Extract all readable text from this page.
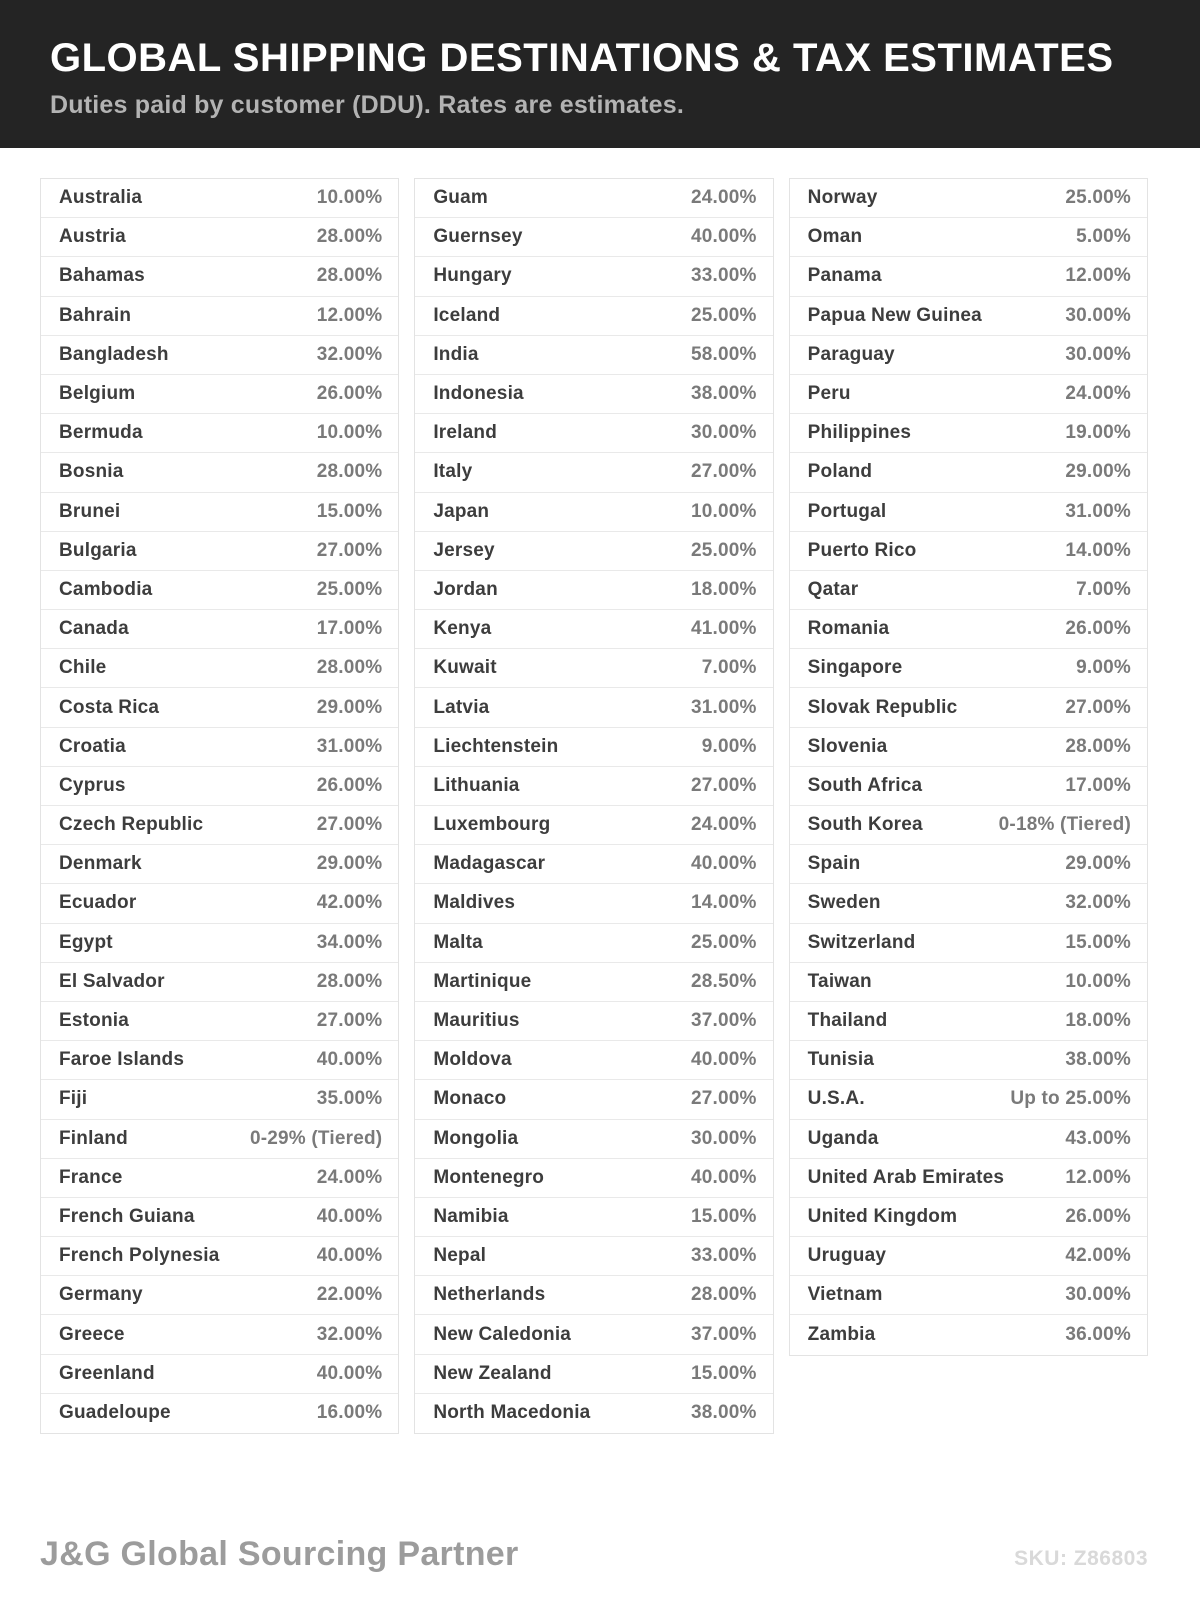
GLOBAL SHIPPING DESTINATIONS & TAX ESTIMATES
Duties paid by customer (DDU). Rates are estimates.
Australia	10.00%
Austria	28.00%
Bahamas	28.00%
Bahrain	12.00%
Bangladesh	32.00%
Belgium	26.00%
Bermuda	10.00%
Bosnia	28.00%
Brunei	15.00%
Bulgaria	27.00%
Cambodia	25.00%
Canada	17.00%
Chile	28.00%
Costa Rica	29.00%
Croatia	31.00%
Cyprus	26.00%
Czech Republic	27.00%
Denmark	29.00%
Ecuador	42.00%
Egypt	34.00%
El Salvador	28.00%
Estonia	27.00%
Faroe Islands	40.00%
Fiji	35.00%
Finland	0-29% (Tiered)
France	24.00%
French Guiana	40.00%
French Polynesia	40.00%
Germany	22.00%
Greece	32.00%
Greenland	40.00%
Guadeloupe	16.00%
Guam	24.00%
Guernsey	40.00%
Hungary	33.00%
Iceland	25.00%
India	58.00%
Indonesia	38.00%
Ireland	30.00%
Italy	27.00%
Japan	10.00%
Jersey	25.00%
Jordan	18.00%
Kenya	41.00%
Kuwait	7.00%
Latvia	31.00%
Liechtenstein	9.00%
Lithuania	27.00%
Luxembourg	24.00%
Madagascar	40.00%
Maldives	14.00%
Malta	25.00%
Martinique	28.50%
Mauritius	37.00%
Moldova	40.00%
Monaco	27.00%
Mongolia	30.00%
Montenegro	40.00%
Namibia	15.00%
Nepal	33.00%
Netherlands	28.00%
New Caledonia	37.00%
New Zealand	15.00%
North Macedonia	38.00%
Norway	25.00%
Oman	5.00%
Panama	12.00%
Papua New Guinea	30.00%
Paraguay	30.00%
Peru	24.00%
Philippines	19.00%
Poland	29.00%
Portugal	31.00%
Puerto Rico	14.00%
Qatar	7.00%
Romania	26.00%
Singapore	9.00%
Slovak Republic	27.00%
Slovenia	28.00%
South Africa	17.00%
South Korea	0-18% (Tiered)
Spain	29.00%
Sweden	32.00%
Switzerland	15.00%
Taiwan	10.00%
Thailand	18.00%
Tunisia	38.00%
U.S.A.	Up to 25.00%
Uganda	43.00%
United Arab Emirates	12.00%
United Kingdom	26.00%
Uruguay	42.00%
Vietnam	30.00%
Zambia	36.00%
J&G Global Sourcing Partner	SKU: Z86803
